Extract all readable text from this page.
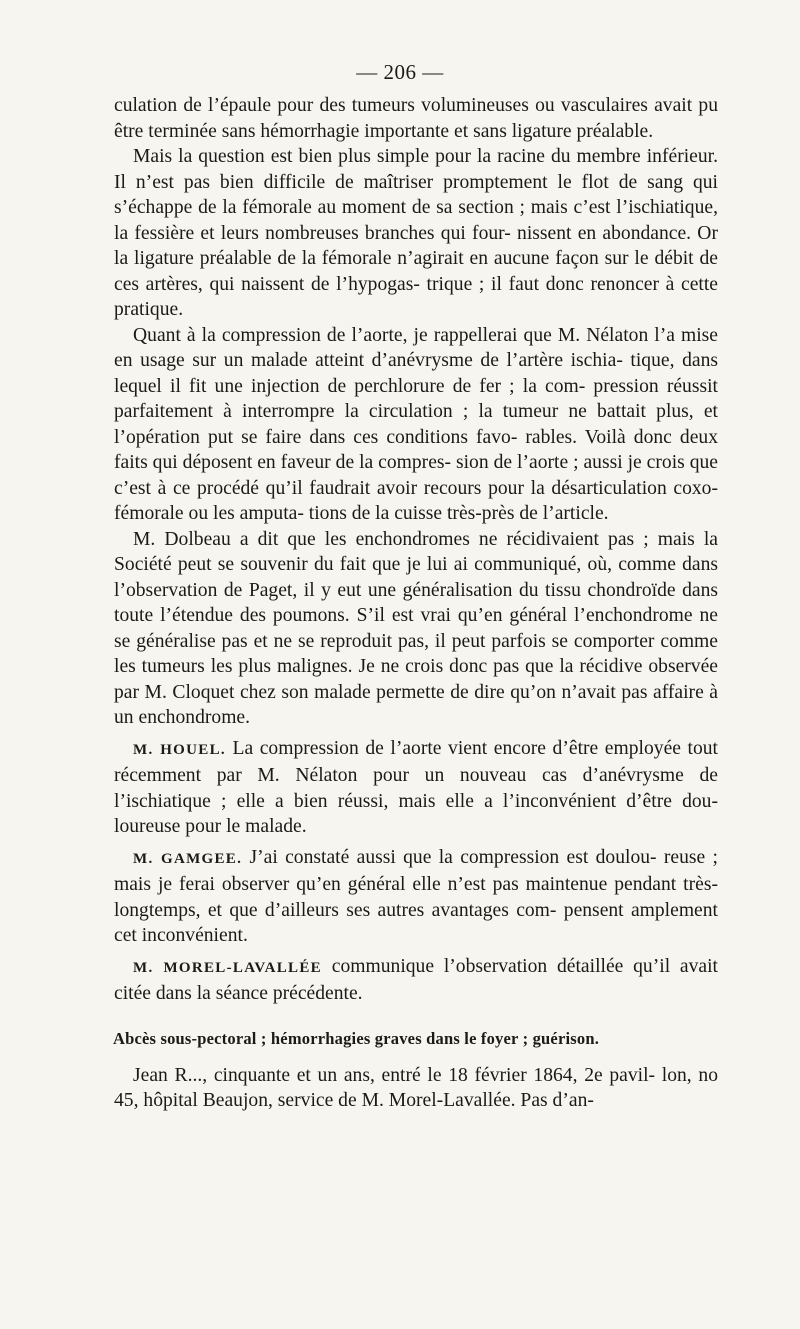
— 206 —

culation de l’épaule pour des tumeurs volumineuses ou vasculaires avait pu être terminée sans hémorrhagie importante et sans ligature préalable.

Mais la question est bien plus simple pour la racine du membre inférieur. Il n’est pas bien difficile de maîtriser promptement le flot de sang qui s’échappe de la fémorale au moment de sa section ; mais c’est l’ischiatique, la fessière et leurs nombreuses branches qui four- nissent en abondance. Or la ligature préalable de la fémorale n’agirait en aucune façon sur le débit de ces artères, qui naissent de l’hypogas- trique ; il faut donc renoncer à cette pratique.

Quant à la compression de l’aorte, je rappellerai que M. Nélaton l’a mise en usage sur un malade atteint d’anévrysme de l’artère ischia- tique, dans lequel il fit une injection de perchlorure de fer ; la com- pression réussit parfaitement à interrompre la circulation ; la tumeur ne battait plus, et l’opération put se faire dans ces conditions favo- rables. Voilà donc deux faits qui déposent en faveur de la compres- sion de l’aorte ; aussi je crois que c’est à ce procédé qu’il faudrait avoir recours pour la désarticulation coxo-fémorale ou les amputa- tions de la cuisse très-près de l’article.

M. Dolbeau a dit que les enchondromes ne récidivaient pas ; mais la Société peut se souvenir du fait que je lui ai communiqué, où, comme dans l’observation de Paget, il y eut une généralisation du tissu chondroïde dans toute l’étendue des poumons. S’il est vrai qu’en général l’enchondrome ne se généralise pas et ne se reproduit pas, il peut parfois se comporter comme les tumeurs les plus malignes. Je ne crois donc pas que la récidive observée par M. Cloquet chez son malade permette de dire qu’on n’avait pas affaire à un enchondrome.

M. HOUEL. La compression de l’aorte vient encore d’être employée tout récemment par M. Nélaton pour un nouveau cas d’anévrysme de l’ischiatique ; elle a bien réussi, mais elle a l’inconvénient d’être dou- loureuse pour le malade.

M. GAMGEE. J’ai constaté aussi que la compression est doulou- reuse ; mais je ferai observer qu’en général elle n’est pas maintenue pendant très-longtemps, et que d’ailleurs ses autres avantages com- pensent amplement cet inconvénient.

M. MOREL-LAVALLÉE communique l’observation détaillée qu’il avait citée dans la séance précédente.

Abcès sous-pectoral ; hémorrhagies graves dans le foyer ; guérison.

Jean R..., cinquante et un ans, entré le 18 février 1864, 2e pavil- lon, no 45, hôpital Beaujon, service de M. Morel-Lavallée. Pas d’an-
